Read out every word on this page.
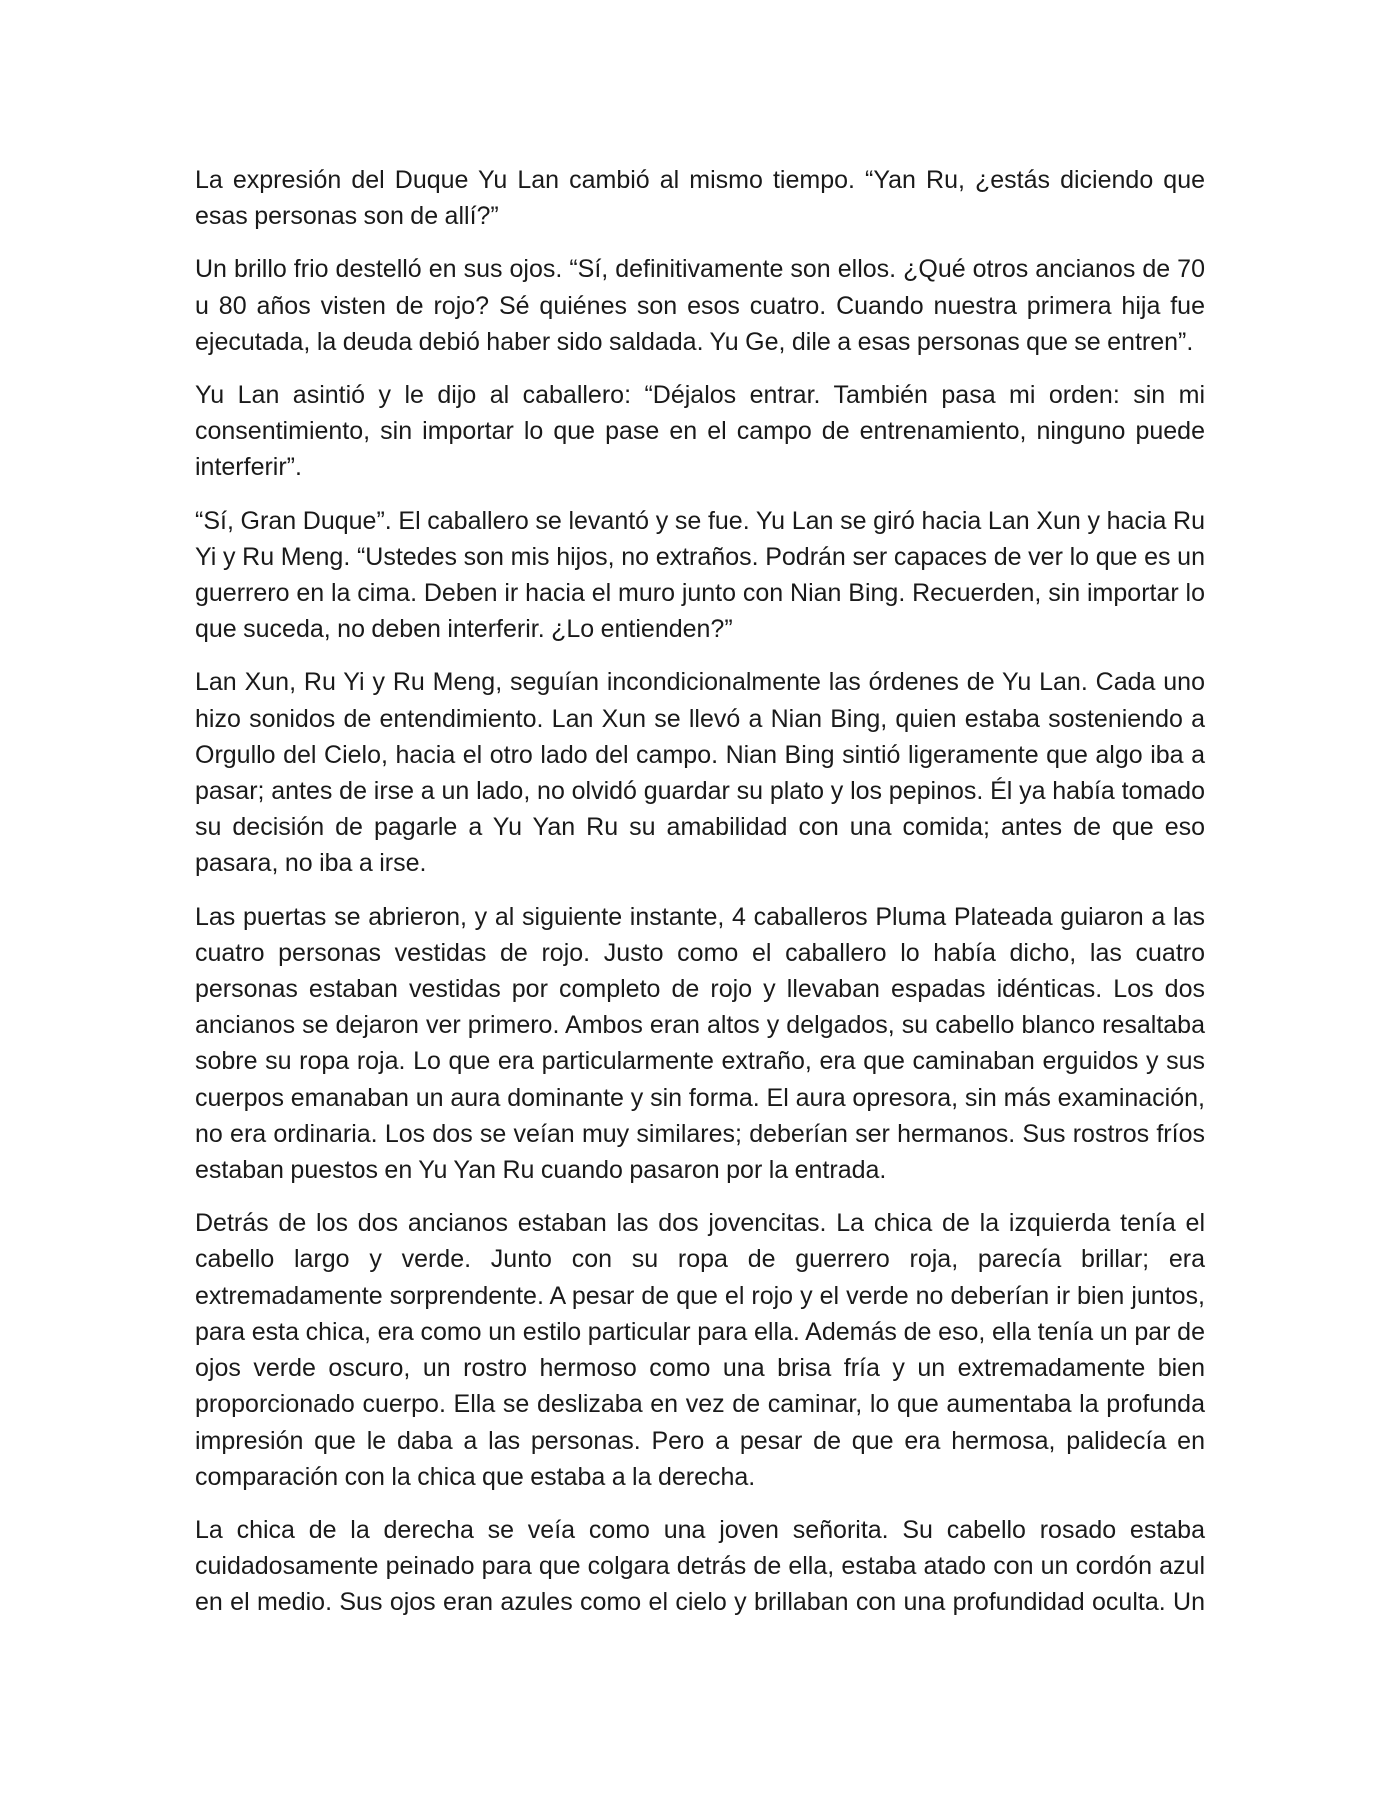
La expresión del Duque Yu Lan cambió al mismo tiempo. “Yan Ru, ¿estás diciendo que esas personas son de allí?”

Un brillo frio destelló en sus ojos. “Sí, definitivamente son ellos. ¿Qué otros ancianos de 70 u 80 años visten de rojo? Sé quiénes son esos cuatro. Cuando nuestra primera hija fue ejecutada, la deuda debió haber sido saldada. Yu Ge, dile a esas personas que se entren”.

Yu Lan asintió y le dijo al caballero: “Déjalos entrar. También pasa mi orden: sin mi consentimiento, sin importar lo que pase en el campo de entrenamiento, ninguno puede interferir”.

“Sí, Gran Duque”. El caballero se levantó y se fue. Yu Lan se giró hacia Lan Xun y hacia Ru Yi y Ru Meng. “Ustedes son mis hijos, no extraños. Podrán ser capaces de ver lo que es un guerrero en la cima. Deben ir hacia el muro junto con Nian Bing. Recuerden, sin importar lo que suceda, no deben interferir. ¿Lo entienden?”

Lan Xun, Ru Yi y Ru Meng, seguían incondicionalmente las órdenes de Yu Lan. Cada uno hizo sonidos de entendimiento. Lan Xun se llevó a Nian Bing, quien estaba sosteniendo a Orgullo del Cielo, hacia el otro lado del campo. Nian Bing sintió ligeramente que algo iba a pasar; antes de irse a un lado, no olvidó guardar su plato y los pepinos. Él ya había tomado su decisión de pagarle a Yu Yan Ru su amabilidad con una comida; antes de que eso pasara, no iba a irse.

Las puertas se abrieron, y al siguiente instante, 4 caballeros Pluma Plateada guiaron a las cuatro personas vestidas de rojo. Justo como el caballero lo había dicho, las cuatro personas estaban vestidas por completo de rojo y llevaban espadas idénticas. Los dos ancianos se dejaron ver primero. Ambos eran altos y delgados, su cabello blanco resaltaba sobre su ropa roja. Lo que era particularmente extraño, era que caminaban erguidos y sus cuerpos emanaban un aura dominante y sin forma. El aura opresora, sin más examinación, no era ordinaria. Los dos se veían muy similares; deberían ser hermanos. Sus rostros fríos estaban puestos en Yu Yan Ru cuando pasaron por la entrada.

Detrás de los dos ancianos estaban las dos jovencitas. La chica de la izquierda tenía el cabello largo y verde. Junto con su ropa de guerrero roja, parecía brillar; era extremadamente sorprendente. A pesar de que el rojo y el verde no deberían ir bien juntos, para esta chica, era como un estilo particular para ella. Además de eso, ella tenía un par de ojos verde oscuro, un rostro hermoso como una brisa fría y un extremadamente bien proporcionado cuerpo. Ella se deslizaba en vez de caminar, lo que aumentaba la profunda impresión que le daba a las personas. Pero a pesar de que era hermosa, palidecía en comparación con la chica que estaba a la derecha.

La chica de la derecha se veía como una joven señorita. Su cabello rosado estaba cuidadosamente peinado para que colgara detrás de ella, estaba atado con un cordón azul en el medio. Sus ojos eran azules como el cielo y brillaban con una profundidad oculta. Un
